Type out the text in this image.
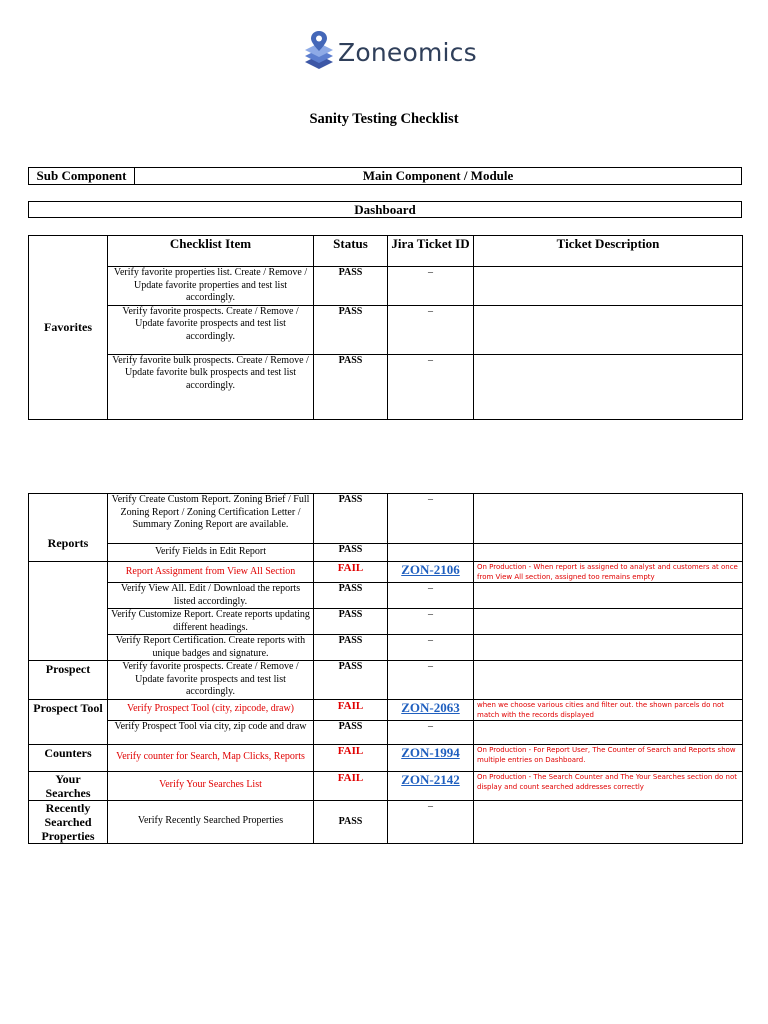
Zoneomics
Sanity Testing Checklist
Sub Component	Main Component / Module
Dashboard
Favorites	Checklist Item	Status	Jira Ticket ID	Ticket Description
	Verify favorite properties list. Create / Remove / Update favorite properties and test list accordingly.	PASS	–	
	Verify favorite prospects. Create / Remove / Update favorite prospects and test list accordingly.	PASS	–	
	Verify favorite bulk prospects. Create / Remove / Update favorite bulk prospects and test list accordingly.	PASS	–	
Reports	Verify Create Custom Report. Zoning Brief / Full Zoning Report / Zoning Certification Letter / Summary Zoning Report are available.	PASS	–	
	Verify Fields in Edit Report	PASS		
	Report Assignment from View All Section	FAIL	ZON-2106	On Production - When report is assigned to analyst and customers at once from View All section, assigned too remains empty
	Verify View All. Edit / Download the reports listed accordingly.	PASS	–	
	Verify Customize Report. Create reports updating different headings.	PASS	–	
	Verify Report Certification. Create reports with unique badges and signature.	PASS	–	
Prospect	Verify favorite prospects. Create / Remove / Update favorite prospects and test list accordingly.	PASS	–	
Prospect Tool	Verify Prospect Tool (city, zipcode, draw)	FAIL	ZON-2063	when we choose various cities and filter out. the shown parcels do not match with the records displayed
	Verify Prospect Tool via city, zip code and draw	PASS	–	
Counters	Verify counter for Search, Map Clicks, Reports	FAIL	ZON-1994	On Production - For Report User, The Counter of Search and Reports show multiple entries on Dashboard.
Your Searches	Verify Your Searches List	FAIL	ZON-2142	On Production - The Search Counter and The Your Searches section do not display and count searched addresses correctly
Recently Searched Properties	Verify Recently Searched Properties	PASS	–	
